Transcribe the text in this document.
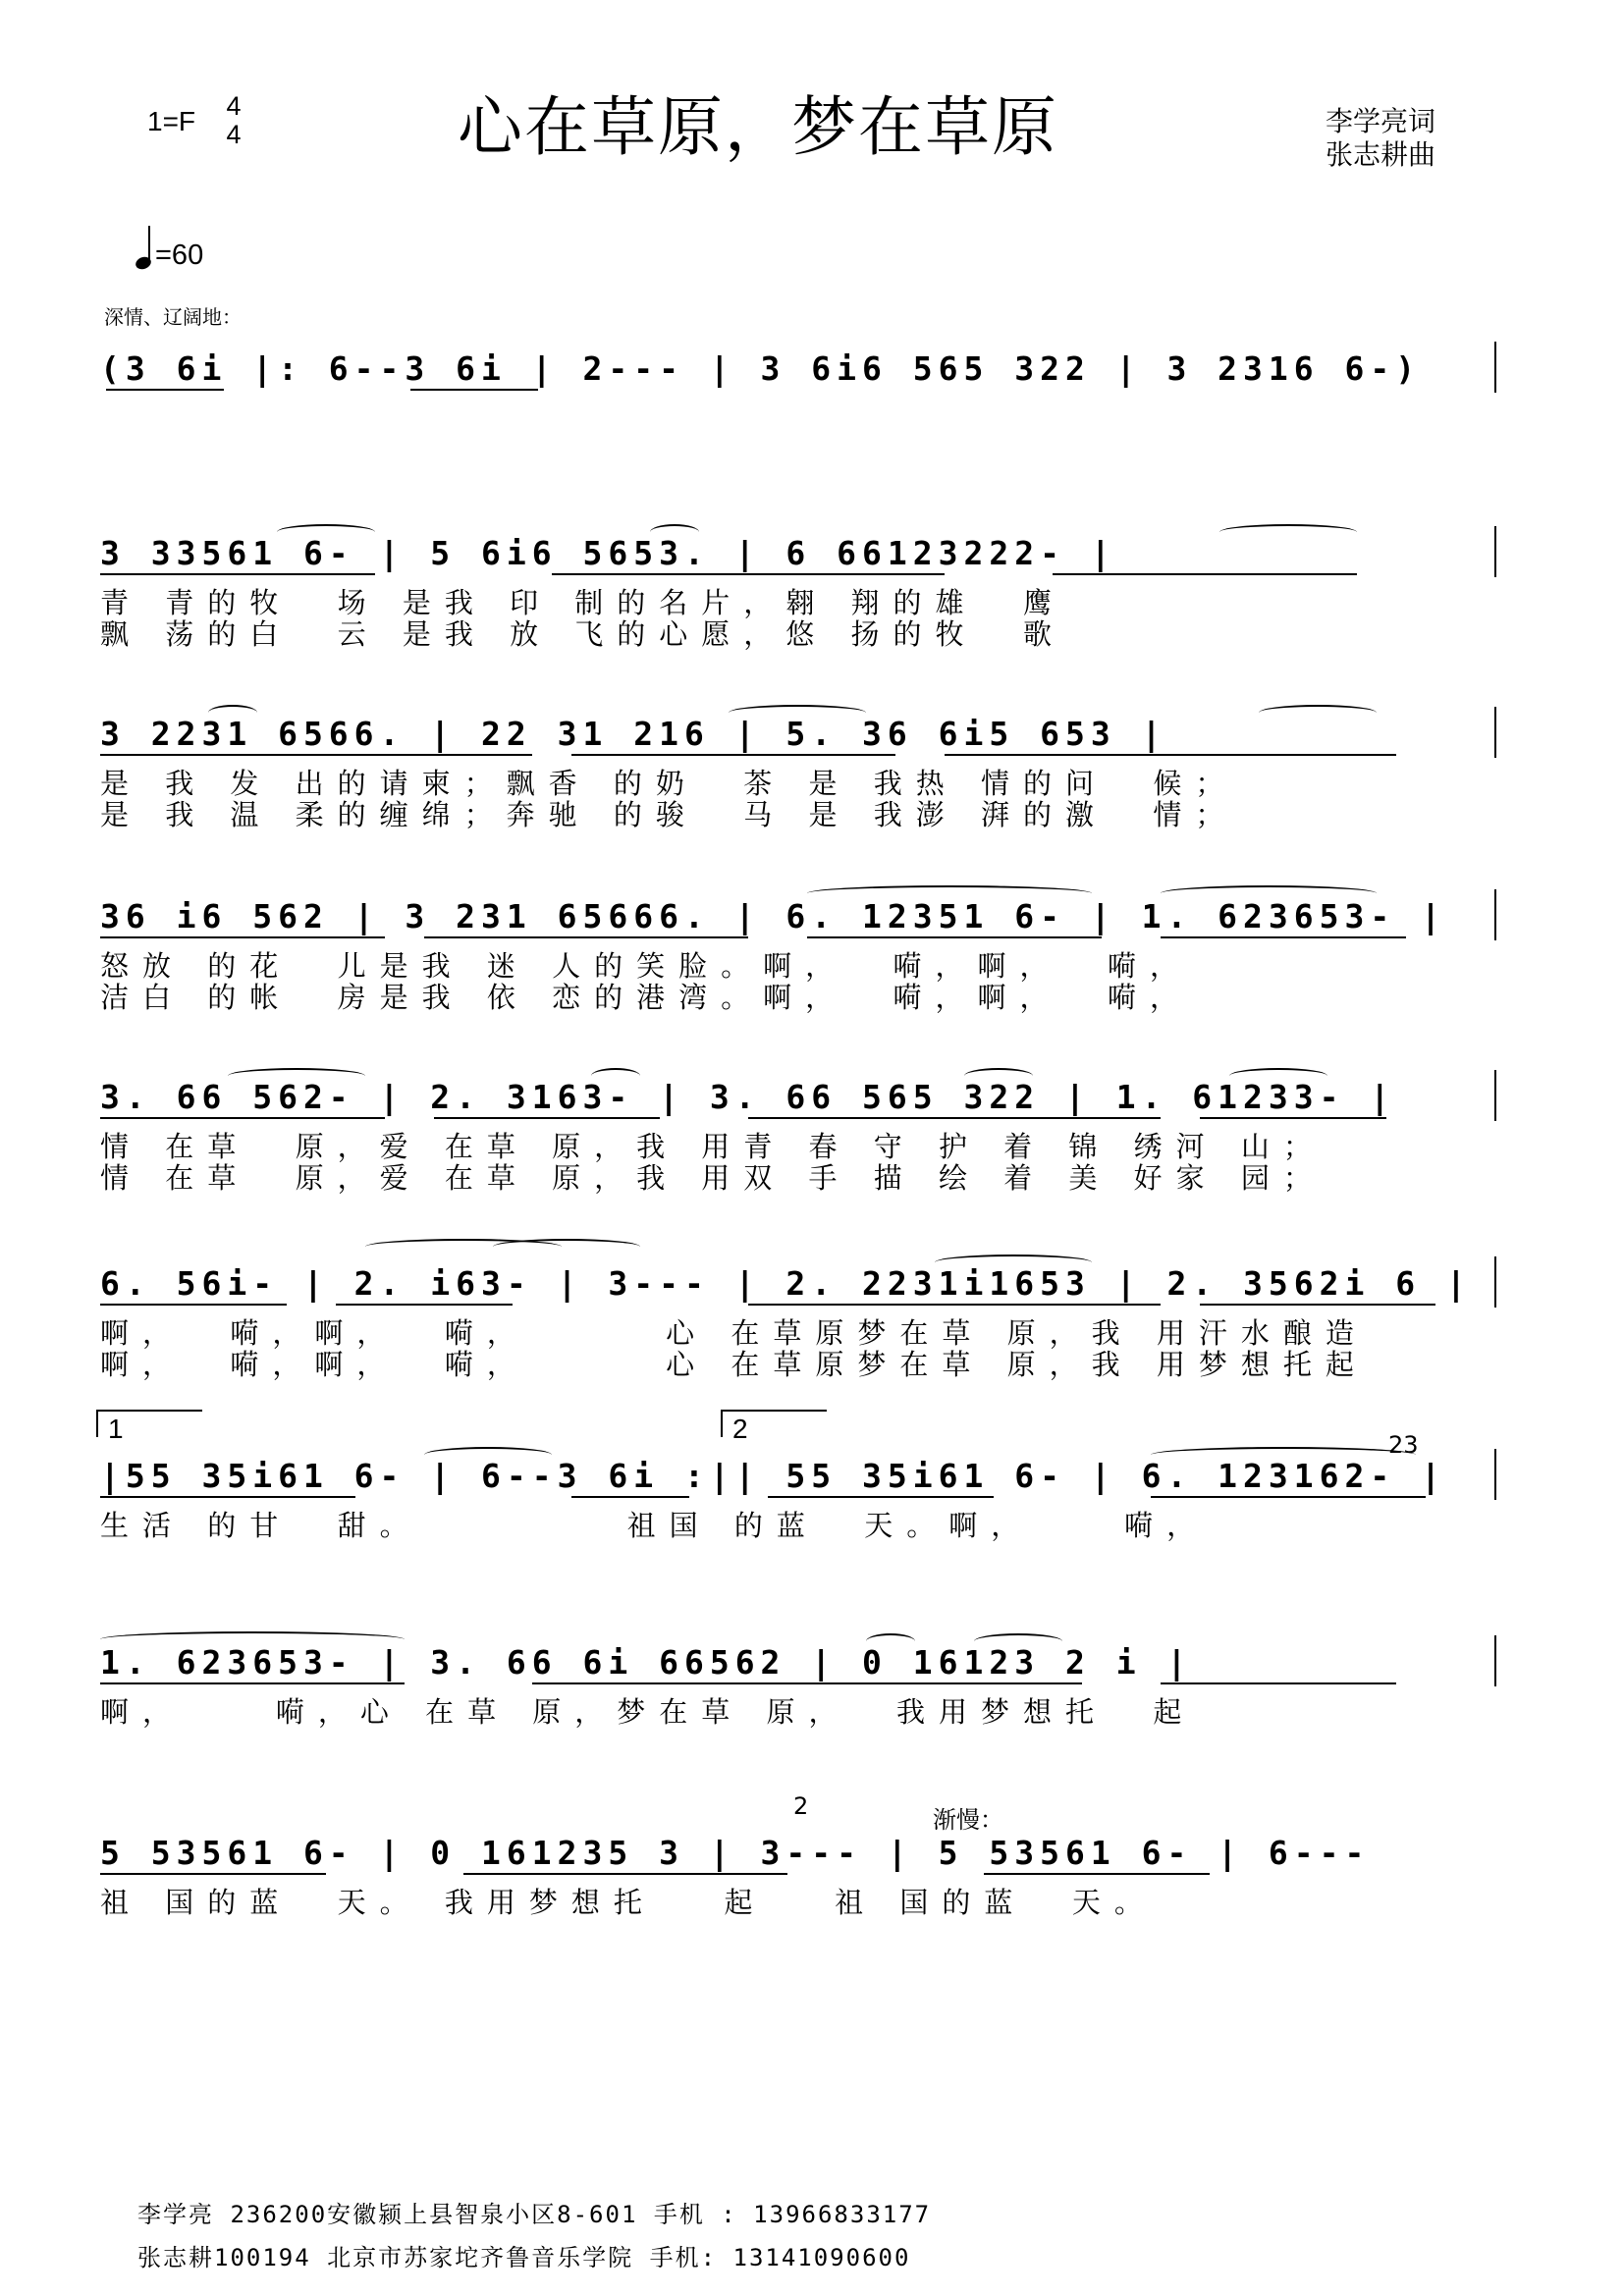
1=F 4
4	心在草原，梦在草原	李学亮词
张志耕曲
=60
深情、辽阔地：
(3 6i |: 6--3 6i | 2--- | 3 6i6 565 322 | 3 2316 6-)
3 33561 6- | 5 6i6 5653. | 6 66123222- |
青 青的牧  场 是我 印 制的名片，翱 翔的雄  鹰
飘 荡的白  云 是我 放 飞的心愿，悠 扬的牧  歌
3 2231 6566. | 22 31 216 | 5. 36 6i5 653 |
是 我 发 出的请柬；飘香 的奶  茶 是 我热 情的问  候；
是 我 温 柔的缠绵；奔驰 的骏  马 是 我澎 湃的激  情；
36 i6 562 | 3 231 65666. | 6. 12351 6- | 1. 623653- |
怒放 的花  儿是我 迷 人的笑脸。啊，  嗬，啊，  嗬，
洁白 的帐  房是我 依 恋的港湾。啊，  嗬，啊，  嗬，
3. 66 562- | 2. 3163- | 3. 66 565 322 | 1. 61233- |
情 在草  原，爱 在草 原，我 用青 春 守 护 着 锦 绣河 山；
情 在草  原，爱 在草 原，我 用双 手 描 绘 着 美 好家 园；
6. 56i- | 2. i63- | 3--- | 2. 2231i1653 | 2. 3562i 6 |
啊，  嗬，啊，  嗬，      心 在草原梦在草 原，我 用汗水酿造
啊，  嗬，啊，  嗬，      心 在草原梦在草 原，我 用梦想托起
1	2
23
|55 35i61 6- | 6--3 6i :|| 55 35i61 6- | 6. 123162- |
生活 的甘  甜。         祖国 的蓝  天。啊，    嗬，
1. 623653- | 3. 66 6i 66562 | 0 16123 2 i |
啊，    嗬，心 在草 原，梦在草 原，  我用梦想托  起
2	渐慢：
5 53561 6- | 0 161235 3 | 3--- | 5 53561 6- | 6---
祖 国的蓝  天。 我用梦想托   起   祖 国的蓝  天。
李学亮 236200安徽颍上县智泉小区8-601 手机 : 13966833177
张志耕100194 北京市苏家坨齐鲁音乐学院 手机: 13141090600
